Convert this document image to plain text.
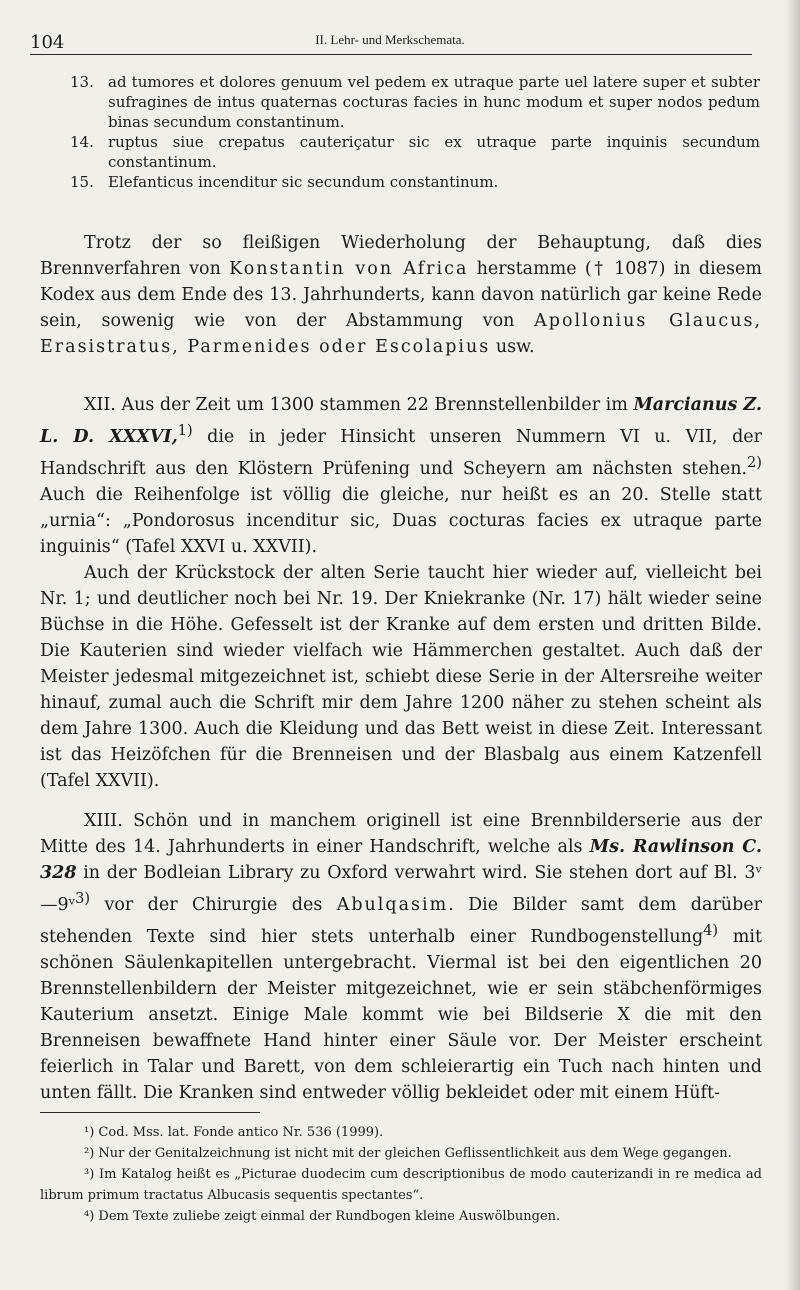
104	II. Lehr- und Merkschemata.
13. ad tumores et dolores genuum vel pedem ex utraque parte uel latere super et subter sufragines de intus quaternas cocturas facies in hunc modum et super nodos pedum binas secundum constantinum.
14. ruptus siue crepatus cauteriçatur sic ex utraque parte inquinis secundum constantinum.
15. Elefanticus incenditur sic secundum constantinum.

Trotz der so fleißigen Wiederholung der Behauptung, daß dies Brennverfahren von Konstantin von Africa herstamme († 1087) in diesem Kodex aus dem Ende des 13. Jahrhunderts, kann davon natürlich gar keine Rede sein, sowenig wie von der Abstammung von Apollonius Glaucus, Erasistratus, Parmenides oder Escolapius usw.

XII. Aus der Zeit um 1300 stammen 22 Brennstellenbilder im Marcianus Z. L. D. XXXVI,$^{1)}$ die in jeder Hinsicht unseren Nummern VI u. VII, der Handschrift aus den Klöstern Prüfening und Scheyern am nächsten stehen.$^{2)}$ Auch die Reihenfolge ist völlig die gleiche, nur heißt es an 20. Stelle statt „urnia“: „Pondorosus incenditur sic, Duas cocturas facies ex utraque parte inguinis“ (Tafel XXVI u. XXVII).

Auch der Krückstock der alten Serie taucht hier wieder auf, vielleicht bei Nr. 1; und deutlicher noch bei Nr. 19. Der Kniekranke (Nr. 17) hält wieder seine Büchse in die Höhe. Gefesselt ist der Kranke auf dem ersten und dritten Bilde. Die Kauterien sind wieder vielfach wie Hämmerchen gestaltet. Auch daß der Meister jedesmal mitgezeichnet ist, schiebt diese Serie in der Altersreihe weiter hinauf, zumal auch die Schrift mir dem Jahre 1200 näher zu stehen scheint als dem Jahre 1300. Auch die Kleidung und das Bett weist in diese Zeit. Interessant ist das Heizöfchen für die Brenneisen und der Blasbalg aus einem Katzenfell (Tafel XXVII).

XIII. Schön und in manchem originell ist eine Brennbilderserie aus der Mitte des 14. Jahrhunderts in einer Handschrift, welche als Ms. Rawlinson C. 328 in der Bodleian Library zu Oxford verwahrt wird. Sie stehen dort auf Bl. 3ᵛ—9ᵛ$^{3)}$ vor der Chirurgie des Abulqasim. Die Bilder samt dem darüber stehenden Texte sind hier stets unterhalb einer Rundbogenstellung$^{4)}$ mit schönen Säulenkapitellen untergebracht. Viermal ist bei den eigentlichen 20 Brennstellenbildern der Meister mitgezeichnet, wie er sein stäbchenförmiges Kauterium ansetzt. Einige Male kommt wie bei Bildserie X die mit den Brenneisen bewaffnete Hand hinter einer Säule vor. Der Meister erscheint feierlich in Talar und Barett, von dem schleierartig ein Tuch nach hinten und unten fällt. Die Kranken sind entweder völlig bekleidet oder mit einem Hüft-

¹) Cod. Mss. lat. Fonde antico Nr. 536 (1999).

²) Nur der Genitalzeichnung ist nicht mit der gleichen Geflissentlichkeit aus dem Wege gegangen.

³) Im Katalog heißt es „Picturae duodecim cum descriptionibus de modo cauterizandi in re medica ad librum primum tractatus Albucasis sequentis spectantes“.

⁴) Dem Texte zuliebe zeigt einmal der Rundbogen kleine Auswölbungen.
